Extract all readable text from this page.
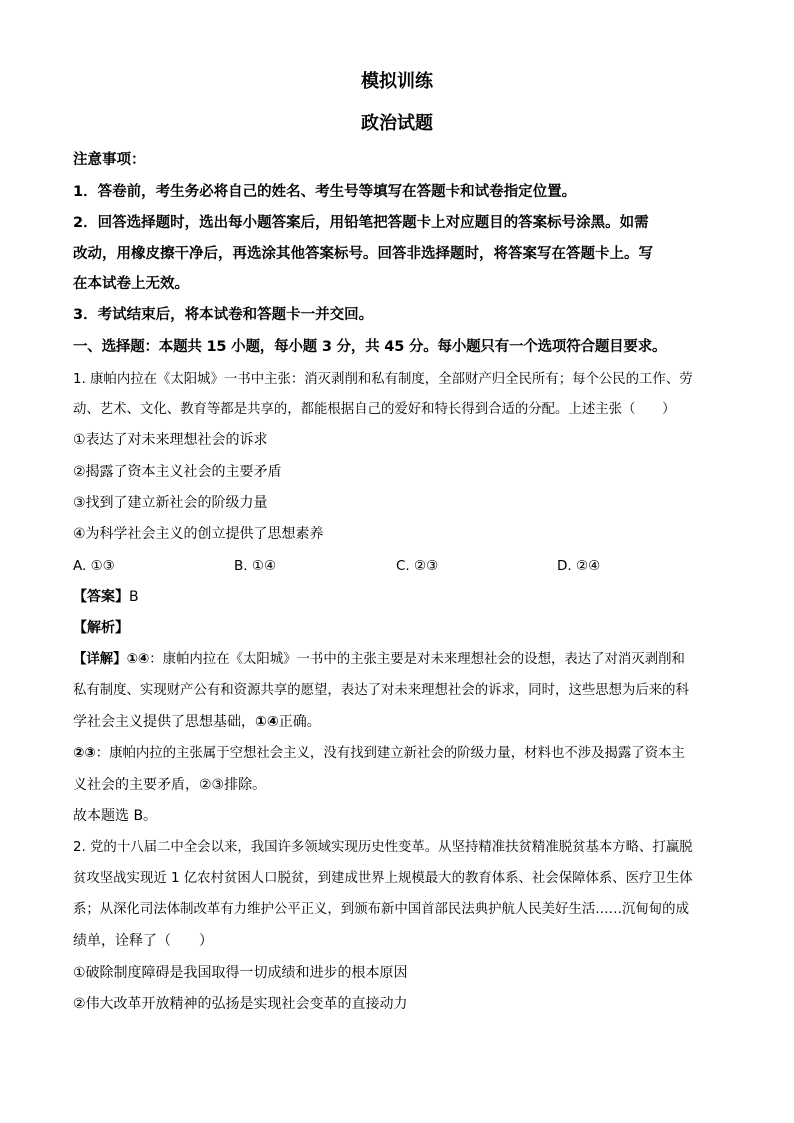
模拟训练
政治试题
注意事项：
1．答卷前，考生务必将自己的姓名、考生号等填写在答题卡和试卷指定位置。
2．回答选择题时，选出每小题答案后，用铅笔把答题卡上对应题目的答案标号涂黑。如需
改动，用橡皮擦干净后，再选涂其他答案标号。回答非选择题时，将答案写在答题卡上。写
在本试卷上无效。
3．考试结束后，将本试卷和答题卡一并交回。
一、选择题：本题共 15 小题，每小题 3 分，共 45 分。每小题只有一个选项符合题目要求。
1. 康帕内拉在《太阳城》一书中主张：消灭剥削和私有制度，全部财产归全民所有；每个公民的工作、劳
动、艺术、文化、教育等都是共享的，都能根据自己的爱好和特长得到合适的分配。上述主张（　　）
①表达了对未来理想社会的诉求
②揭露了资本主义社会的主要矛盾
③找到了建立新社会的阶级力量
④为科学社会主义的创立提供了思想素养
A. ①③	B. ①④	C. ②③	D. ②④
【答案】B
【解析】
【详解】①④：康帕内拉在《太阳城》一书中的主张主要是对未来理想社会的设想，表达了对消灭剥削和
私有制度、实现财产公有和资源共享的愿望，表达了对未来理想社会的诉求，同时，这些思想为后来的科
学社会主义提供了思想基础，①④正确。
②③：康帕内拉的主张属于空想社会主义，没有找到建立新社会的阶级力量，材料也不涉及揭露了资本主
义社会的主要矛盾，②③排除。
故本题选 B。
2. 党的十八届二中全会以来，我国许多领域实现历史性变革。从坚持精准扶贫精准脱贫基本方略、打赢脱
贫攻坚战实现近 1 亿农村贫困人口脱贫，到建成世界上规模最大的教育体系、社会保障体系、医疗卫生体
系；从深化司法体制改革有力维护公平正义，到颁布新中国首部民法典护航人民美好生活……沉甸甸的成
绩单，诠释了（　　）
①破除制度障碍是我国取得一切成绩和进步的根本原因
②伟大改革开放精神的弘扬是实现社会变革的直接动力
